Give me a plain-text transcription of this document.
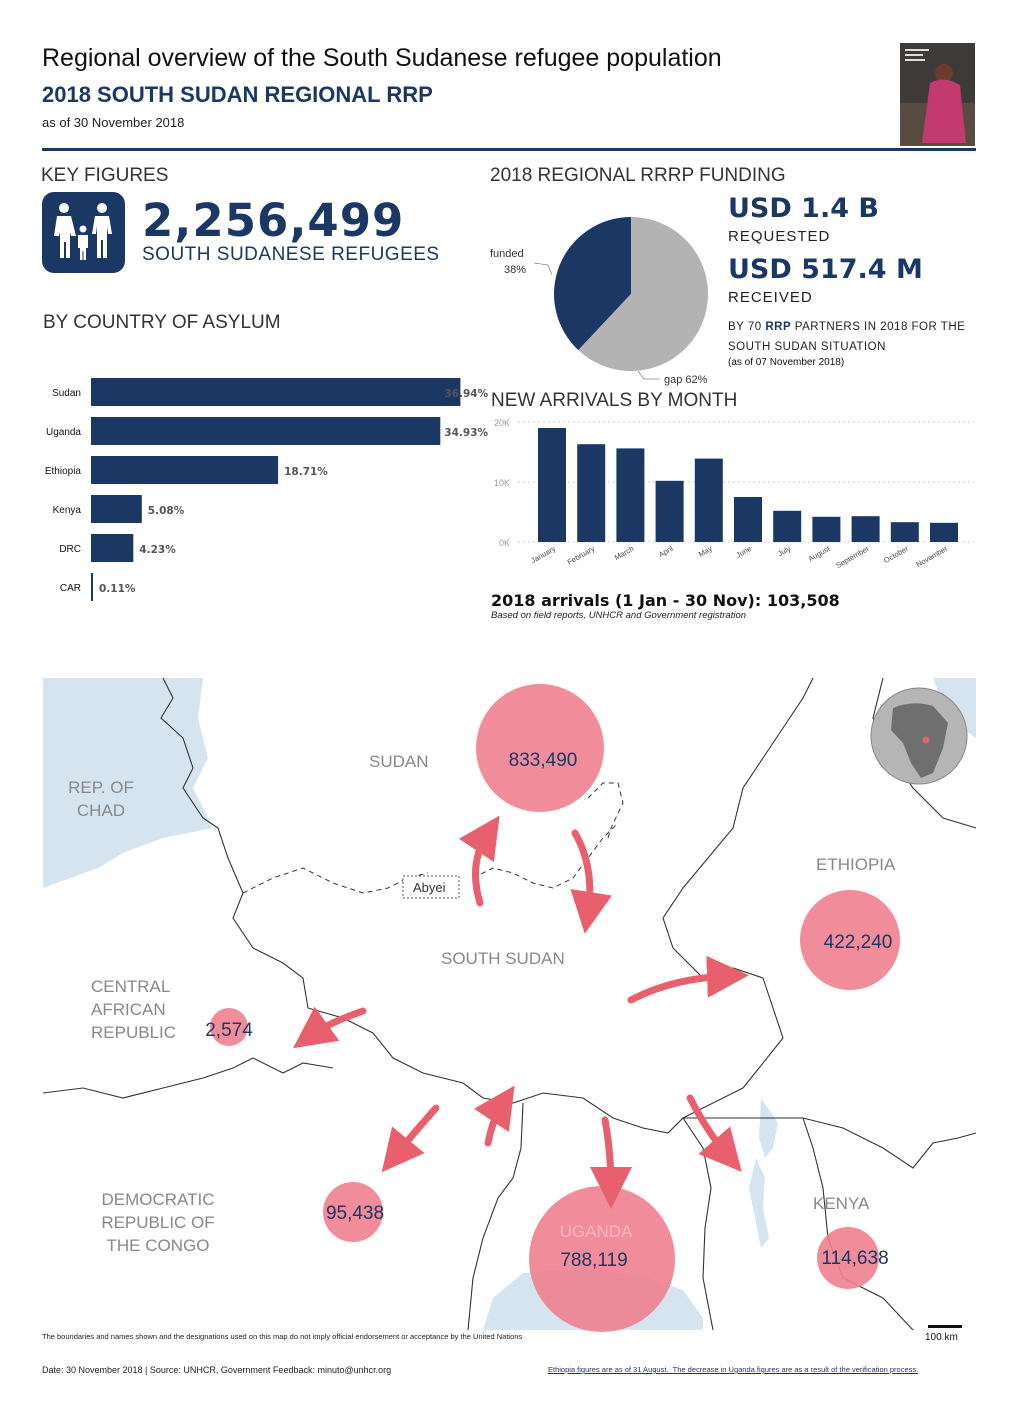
Regional overview of the South Sudanese refugee population
2018 SOUTH SUDAN REGIONAL RRP
as of 30 November 2018
KEY FIGURES
2,256,499
SOUTH SUDANESE REFUGEES
BY COUNTRY OF ASYLUM
Sudan	36.94%
Uganda	34.93%
Ethiopia	18.71%
Kenya	5.08%
DRC	4.23%
CAR 0.11%
2018 REGIONAL RRRP FUNDING
funded
38%
gap 62%
USD 1.4 B
REQUESTED
USD 517.4 M
RECEIVED
BY 70 RRP PARTNERS IN 2018 FOR THE SOUTH SUDAN SITUATION
(as of 07 November 2018)
NEW ARRIVALS BY MONTH
0K
10K
20K
January February March	April	May	June	July August September October November
2018 arrivals (1 Jan - 30 Nov): 103,508
Based on field reports, UNHCR and Government registration
Abyei
REP. OF
CHAD
SUDAN
ETHIOPIA
SOUTH SUDAN
CENTRAL
AFRICAN
REPUBLIC
DEMOCRATIC
REPUBLIC OF
THE CONGO
KENYA
UGANDA
833,490
422,240
2,574
95,438
788,119	114,638
The boundaries and names shown and the designations used on this map do not imply official endorsement or acceptance by the United Nations	100 km
Date: 30 November 2018 | Source: UNHCR, Government Feedback: minuto@unhcr.org	Ethiopia figures are as of 31 August. The decrease in Uganda figures are as a result of the verification process.
